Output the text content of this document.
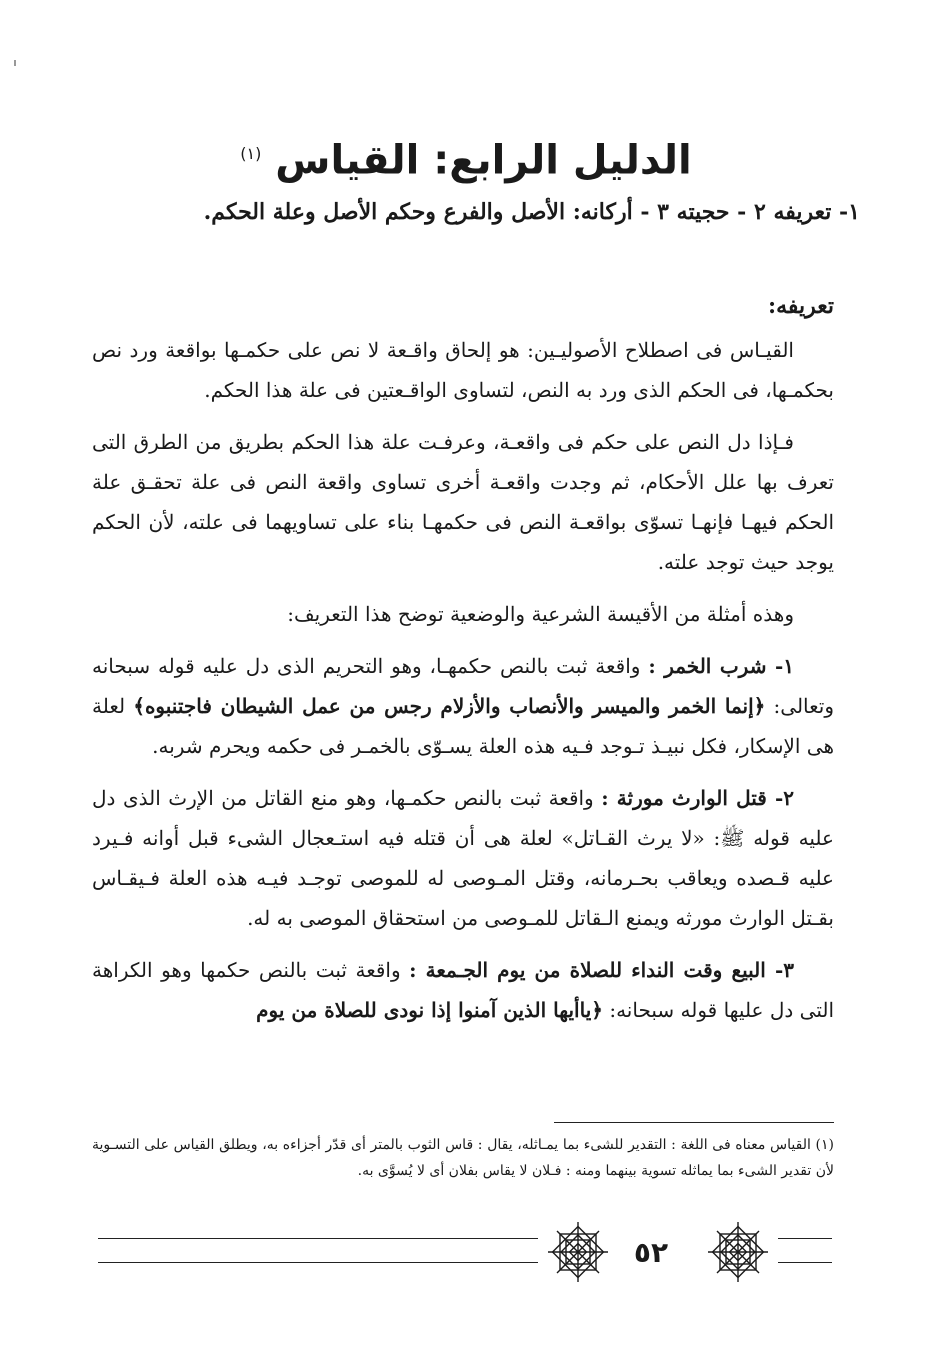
الدليل الرابع: القياس $^{(١)}$
١- تعريفه ٢ - حجيته ٣ - أركانه: الأصل والفرع وحكم الأصل وعلة الحكم.
تعريفه:

القيـاس فى اصطلاح الأصوليـين: هو إلحاق واقـعة لا نص على حكمـها بواقعة ورد نص بحكمـها، فى الحكم الذى ورد به النص، لتساوى الواقـعتين فى علة هذا الحكم.

فـإذا دل النص على حكم فى واقعـة، وعرفـت علة هذا الحكم بطريق من الطرق التى تعرف بها علل الأحكام، ثم وجدت واقعـة أخرى تساوى واقعة النص فى علة تحقـق علة الحكم فيهـا فإنهـا تسوّى بواقعـة النص فى حكمهـا بناء على تساويهما فى علته، لأن الحكم يوجد حيث توجد علته.

وهذه أمثلة من الأقيسة الشرعية والوضعية توضح هذا التعريف:

١- شرب الخمر : واقعة ثبت بالنص حكمهـا، وهو التحريم الذى دل عليه قوله سبحانه وتعالى: ﴿إنما الخمر والميسر والأنصاب والأزلام رجس من عمل الشيطان فاجتنبوه﴾ لعلة هى الإسكار، فكل نبيـذ تـوجد فـيه هذه العلة يسـوّى بالخمـر فى حكمه ويحرم شربه.

٢- قتل الوارث مورثة : واقعة ثبت بالنص حكمـها، وهو منع القاتل من الإرث الذى دل عليه قوله ﷺ: «لا يرث القـاتل» لعلة هى أن قتله فيه استـعجال الشىء قبل أوانه فـيرد عليه قـصده ويعاقب بحـرمانه، وقتل المـوصى له للموصى توجـد فيـه هذه العلة فـيقـاس بقـتل الوارث مورثه ويمنع الـقاتل للمـوصى من استحقاق الموصى به له.

٣- البيع وقت النداء للصلاة من يوم الجـمعة : واقعة ثبت بالنص حكمها وهو الكراهة التى دل عليها قوله سبحانه: ﴿ياأيها الذين آمنوا إذا نودى للصلاة من يوم

(١) القياس معناه فى اللغة : التقدير للشىء بما يمـاثله، يقال : قاس الثوب بالمتر أى قدّر أجزاءه به، ويطلق القياس على التسـوية لأن تقدير الشىء بما يماثله تسوية بينهما ومنه : فـلان لا يقاس بفلان أى لا يُسوَّى به.
٥٢
